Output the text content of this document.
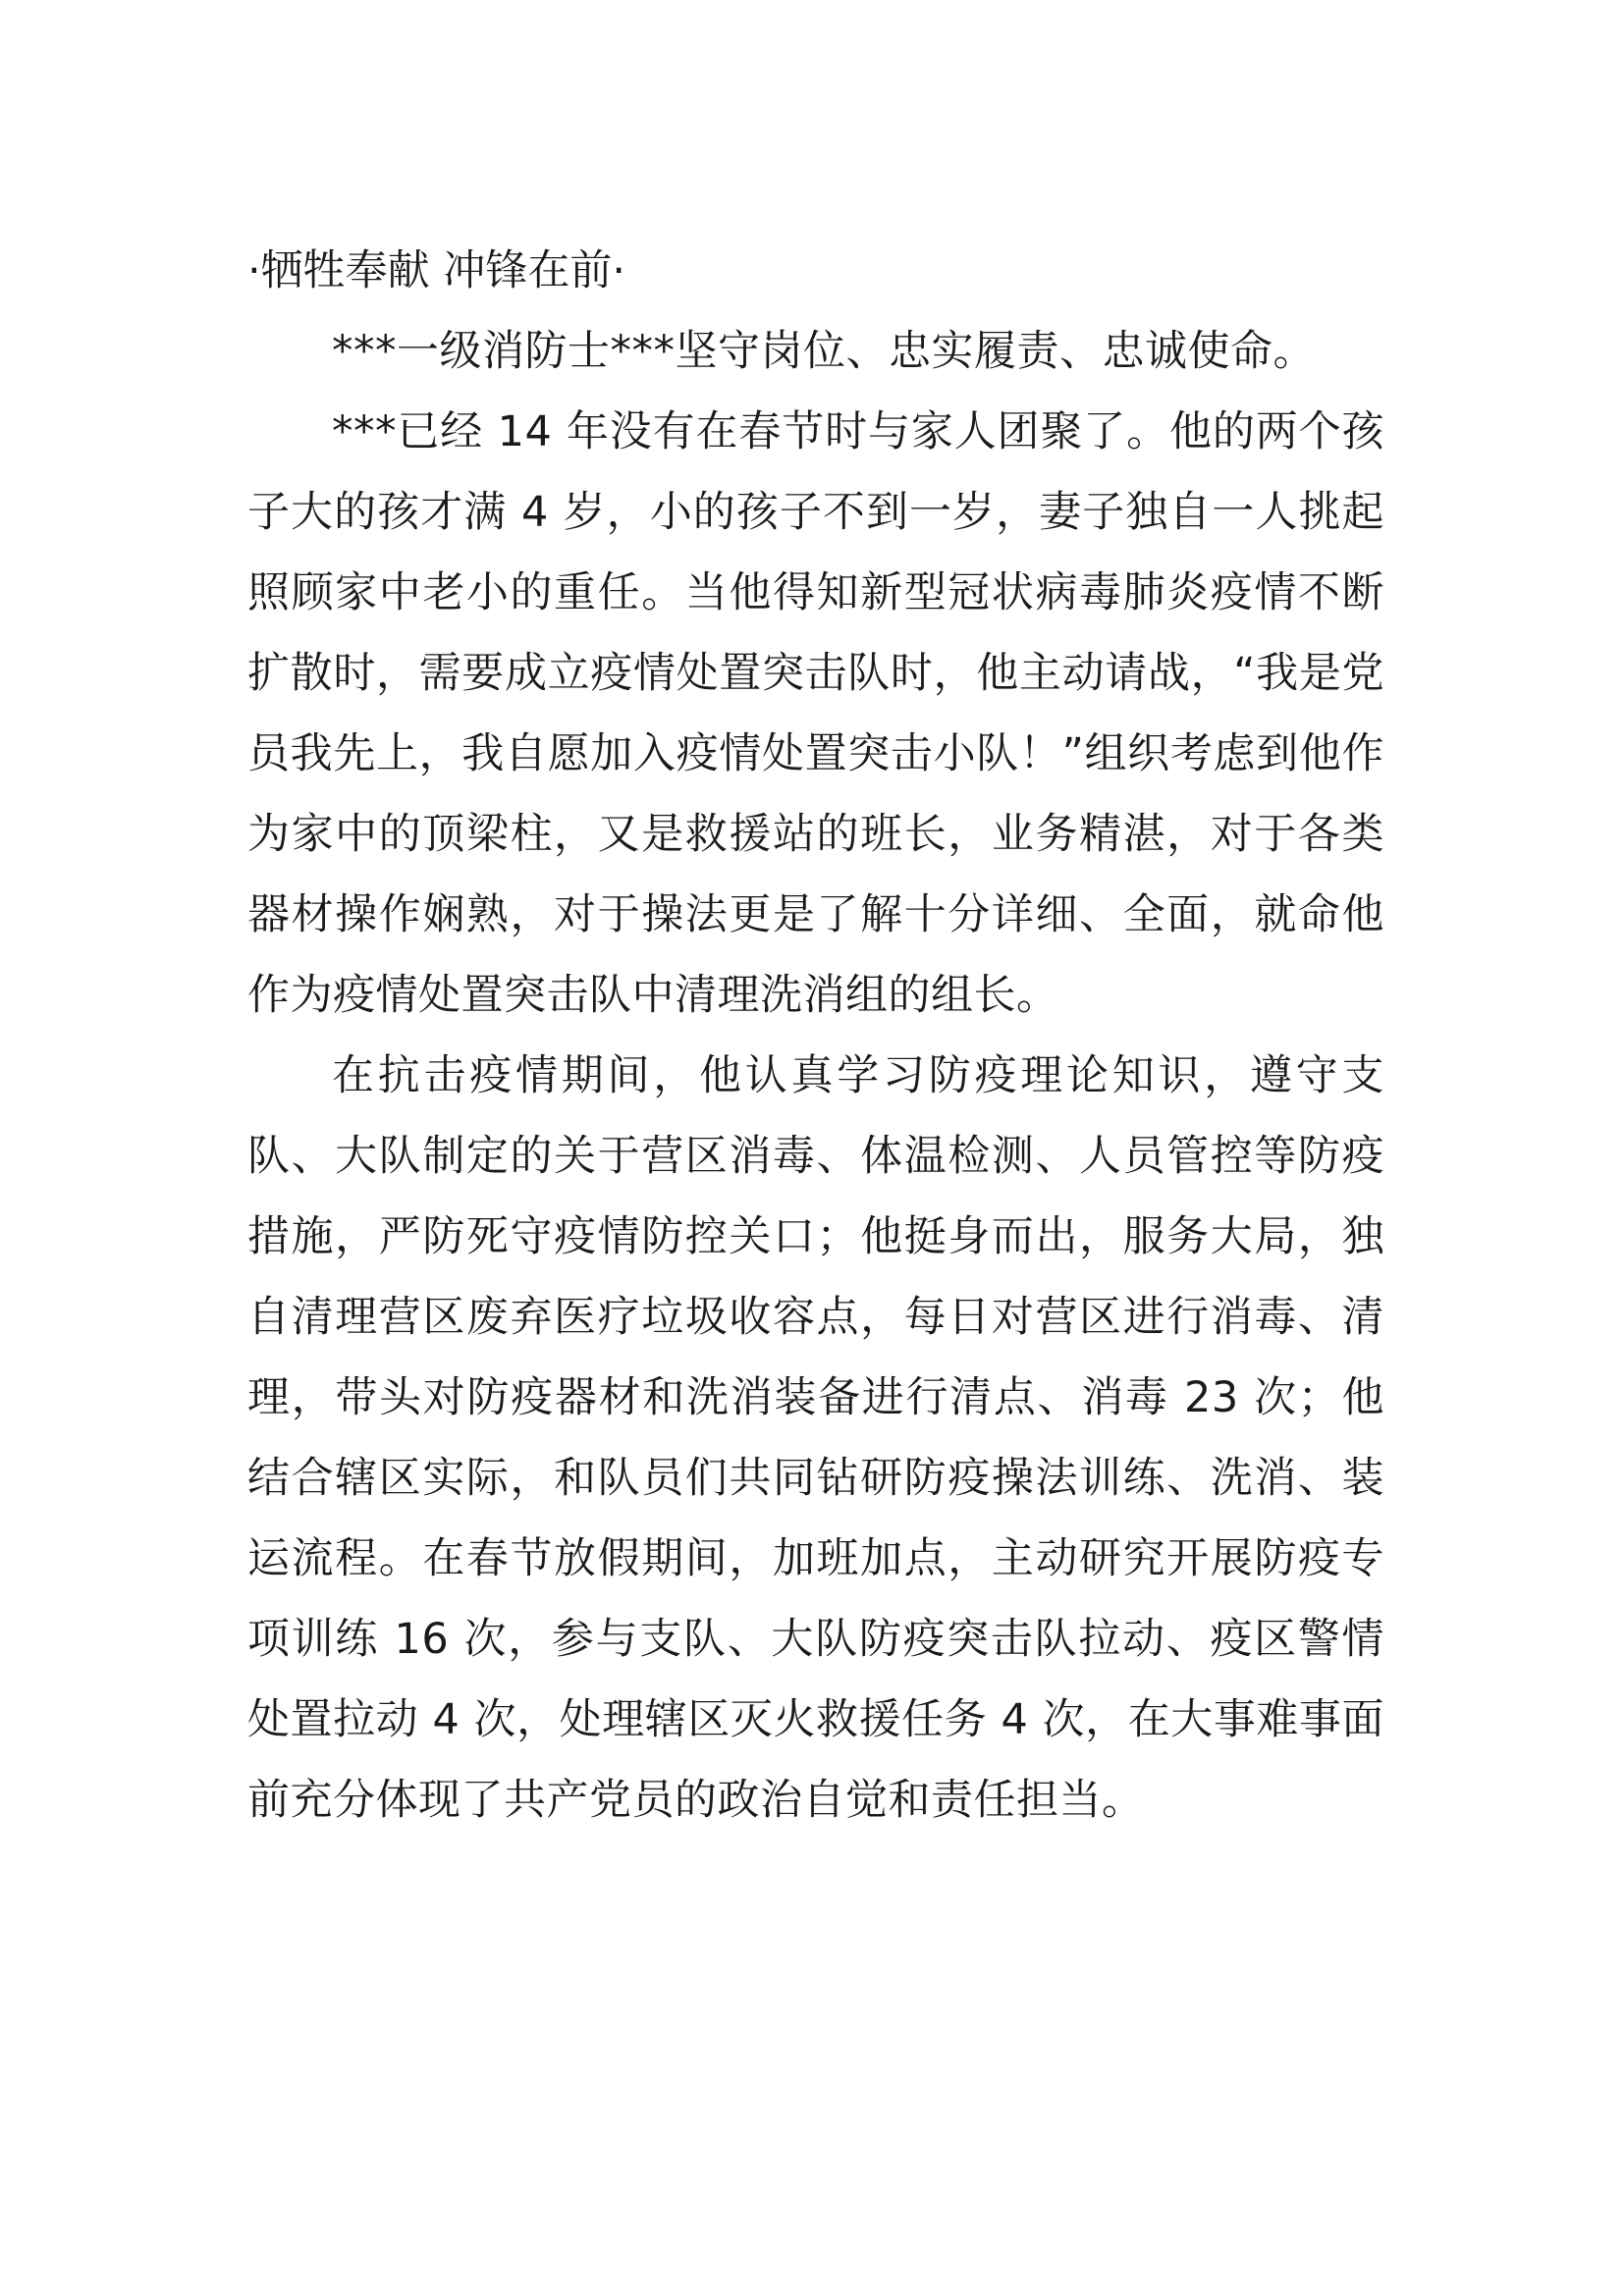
·牺牲奉献 冲锋在前·

***一级消防士***坚守岗位、忠实履责、忠诚使命。

***已经 14 年没有在春节时与家人团聚了。他的两个孩子大的孩才满 4 岁，小的孩子不到一岁，妻子独自一人挑起照顾家中老小的重任。当他得知新型冠状病毒肺炎疫情不断扩散时，需要成立疫情处置突击队时，他主动请战，“我是党员我先上，我自愿加入疫情处置突击小队！”组织考虑到他作为家中的顶梁柱，又是救援站的班长，业务精湛，对于各类器材操作娴熟，对于操法更是了解十分详细、全面，就命他作为疫情处置突击队中清理洗消组的组长。

在抗击疫情期间，他认真学习防疫理论知识，遵守支队、大队制定的关于营区消毒、体温检测、人员管控等防疫措施，严防死守疫情防控关口；他挺身而出，服务大局，独自清理营区废弃医疗垃圾收容点，每日对营区进行消毒、清理，带头对防疫器材和洗消装备进行清点、消毒 23 次；他结合辖区实际，和队员们共同钻研防疫操法训练、洗消、装运流程。在春节放假期间，加班加点，主动研究开展防疫专项训练 16 次，参与支队、大队防疫突击队拉动、疫区警情处置拉动 4 次，处理辖区灭火救援任务 4 次，在大事难事面前充分体现了共产党员的政治自觉和责任担当。
